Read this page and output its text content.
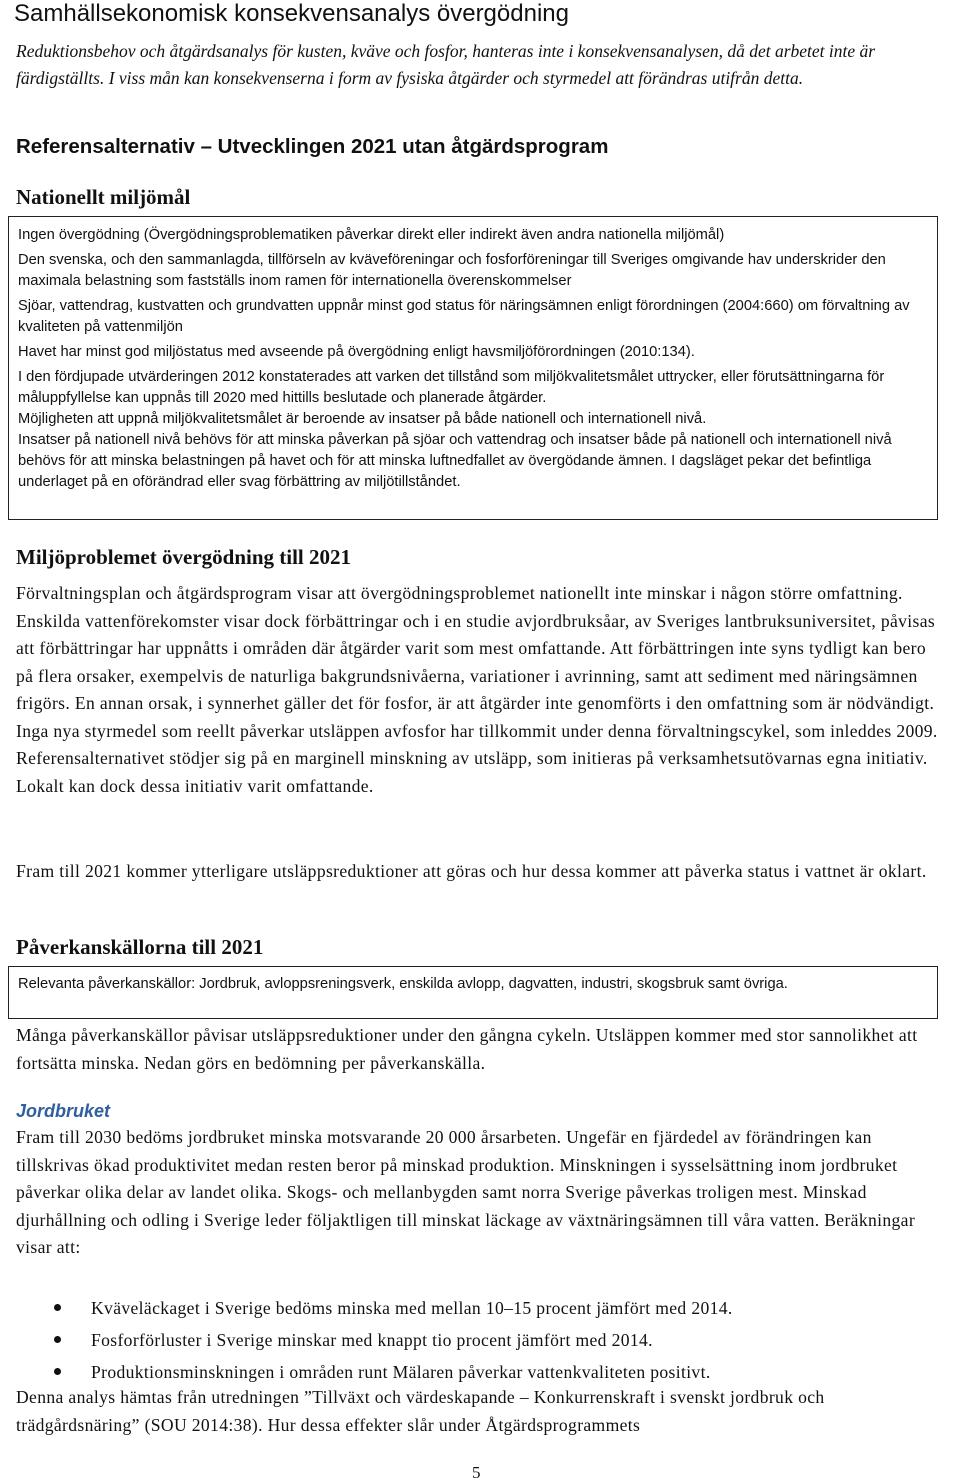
Samhällsekonomisk konsekvensanalys övergödning

Reduktionsbehov och åtgärdsanalys för kusten, kväve och fosfor, hanteras inte i konsekvensanalysen, då det arbetet inte är färdigställts. I viss mån kan konsekvenserna i form av fysiska åtgärder och styrmedel att förändras utifrån detta.

Referensalternativ – Utvecklingen 2021 utan åtgärdsprogram
Nationellt miljömål

Ingen övergödning (Övergödningsproblematiken påverkar direkt eller indirekt även andra nationella miljömål)

Den svenska, och den sammanlagda, tillförseln av kväveföreningar och fosforföreningar till Sveriges omgivande hav underskrider den maximala belastning som fastställs inom ramen för internationella överenskommelser

Sjöar, vattendrag, kustvatten och grundvatten uppnår minst god status för näringsämnen enligt förordningen (2004:660) om förvaltning av kvaliteten på vattenmiljön

Havet har minst god miljöstatus med avseende på övergödning enligt havsmiljöförordningen (2010:134).

I den fördjupade utvärderingen 2012 konstaterades att varken det tillstånd som miljökvalitetsmålet uttrycker, eller förutsättningarna för måluppfyllelse kan uppnås till 2020 med hittills beslutade och planerade åtgärder.

Möjligheten att uppnå miljökvalitetsmålet är beroende av insatser på både nationell och internationell nivå.

Insatser på nationell nivå behövs för att minska påverkan på sjöar och vattendrag och insatser både på nationell och internationell nivå behövs för att minska belastningen på havet och för att minska luftnedfallet av övergödande ämnen. I dagsläget pekar det befintliga underlaget på en oförändrad eller svag förbättring av miljötillståndet.

Miljöproblemet övergödning till 2021

Förvaltningsplan och åtgärdsprogram visar att övergödningsproblemet nationellt inte minskar i någon större omfattning. Enskilda vattenförekomster visar dock förbättringar och i en studie avjordbruksåar, av Sveriges lantbruksuniversitet, påvisas att förbättringar har uppnåtts i områden där åtgärder varit som mest omfattande. Att förbättringen inte syns tydligt kan bero på flera orsaker, exempelvis de naturliga bakgrundsnivåerna, variationer i avrinning, samt att sediment med näringsämnen frigörs. En annan orsak, i synnerhet gäller det för fosfor, är att åtgärder inte genomförts i den omfattning som är nödvändigt. Inga nya styrmedel som reellt påverkar utsläppen avfosfor har tillkommit under denna förvaltningscykel, som inleddes 2009. Referensalternativet stödjer sig på en marginell minskning av utsläpp, som initieras på verksamhetsutövarnas egna initiativ. Lokalt kan dock dessa initiativ varit omfattande.

Fram till 2021 kommer ytterligare utsläppsreduktioner att göras och hur dessa kommer att påverka status i vattnet är oklart.

Påverkanskällorna till 2021

Relevanta påverkanskällor: Jordbruk, avloppsreningsverk, enskilda avlopp, dagvatten, industri, skogsbruk samt övriga.

Många påverkanskällor påvisar utsläppsreduktioner under den gångna cykeln. Utsläppen kommer med stor sannolikhet att fortsätta minska. Nedan görs en bedömning per påverkanskälla.

Jordbruket

Fram till 2030 bedöms jordbruket minska motsvarande 20 000 årsarbeten. Ungefär en fjärdedel av förändringen kan tillskrivas ökad produktivitet medan resten beror på minskad produktion. Minskningen i sysselsättning inom jordbruket påverkar olika delar av landet olika. Skogs- och mellanbygden samt norra Sverige påverkas troligen mest. Minskad djurhållning och odling i Sverige leder följaktligen till minskat läckage av växtnäringsämnen till våra vatten. Beräkningar visar att:

Kväveläckaget i Sverige bedöms minska med mellan 10–15 procent jämfört med 2014.
Fosforförluster i Sverige minskar med knappt tio procent jämfört med 2014.
Produktionsminskningen i områden runt Mälaren påverkar vattenkvaliteten positivt.

Denna analys hämtas från utredningen ”Tillväxt och värdeskapande – Konkurrenskraft i svenskt jordbruk och trädgårdsnäring” (SOU 2014:38). Hur dessa effekter slår under Åtgärdsprogrammets

5
